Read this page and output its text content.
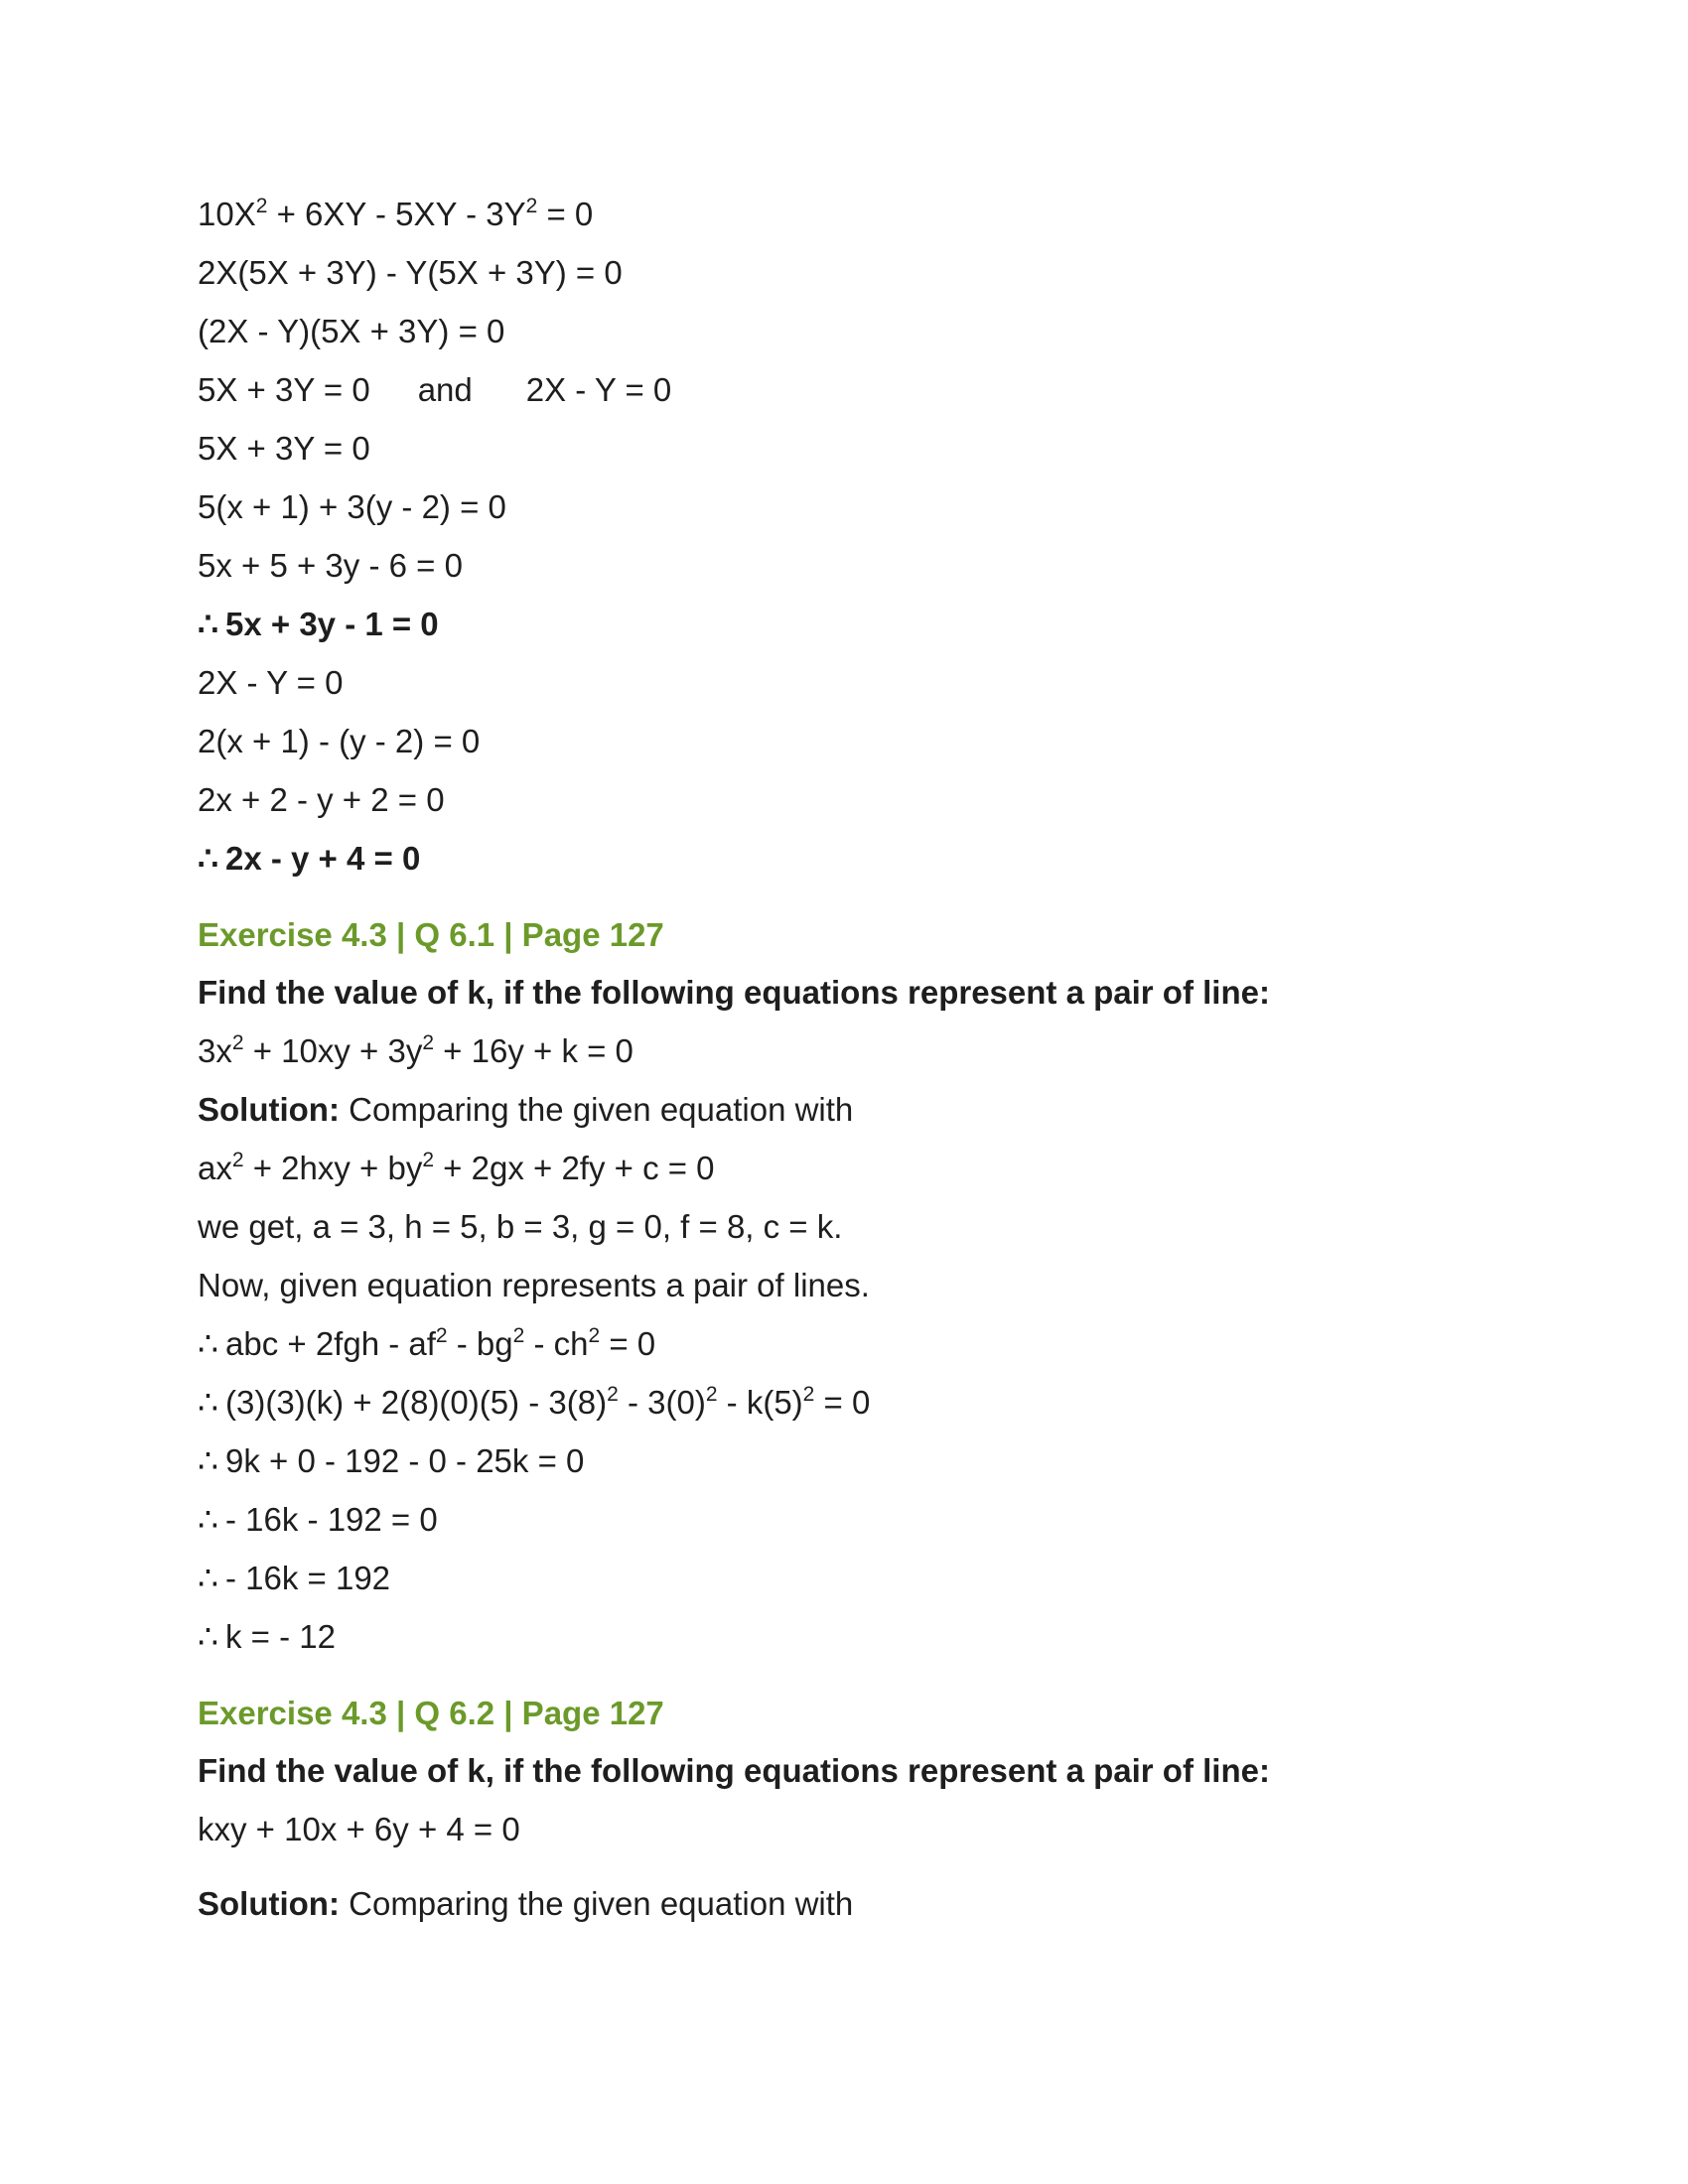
$10X^2 + 6XY - 5XY - 3Y^2 = 0$
2X(5X + 3Y) - Y(5X + 3Y) = 0
(2X - Y)(5X + 3Y) = 0
5X + 3Y = 0 and 2X - Y = 0
5X + 3Y = 0
5(x + 1) + 3(y - 2) = 0
5x + 5 + 3y - 6 = 0
∴ 5x + 3y - 1 = 0
2X - Y = 0
2(x + 1) - (y - 2) = 0
2x + 2 - y + 2 = 0
∴ 2x - y + 4 = 0
Exercise 4.3 | Q 6.1 | Page 127
Find the value of k, if the following equations represent a pair of line:
$3x^2 + 10xy + 3y^2 + 16y + k = 0$
Solution: Comparing the given equation with
$ax^2 + 2hxy + by^2 + 2gx + 2fy + c = 0$
we get, a = 3, h = 5, b = 3, g = 0, f = 8, c = k.
Now, given equation represents a pair of lines.
∴ abc + $2fgh - af^2 - bg^2 - ch^2 = 0$
∴ $(3)(3)(k) + 2(8)(0)(5) - 3(8)^2 - 3(0)^2 - k(5)^2 = 0$
∴ 9k + 0 - 192 - 0 - 25k = 0
∴ - 16k - 192 = 0
∴ - 16k = 192
∴ k = - 12
Exercise 4.3 | Q 6.2 | Page 127
Find the value of k, if the following equations represent a pair of line:
kxy + 10x + 6y + 4 = 0
Solution: Comparing the given equation with
